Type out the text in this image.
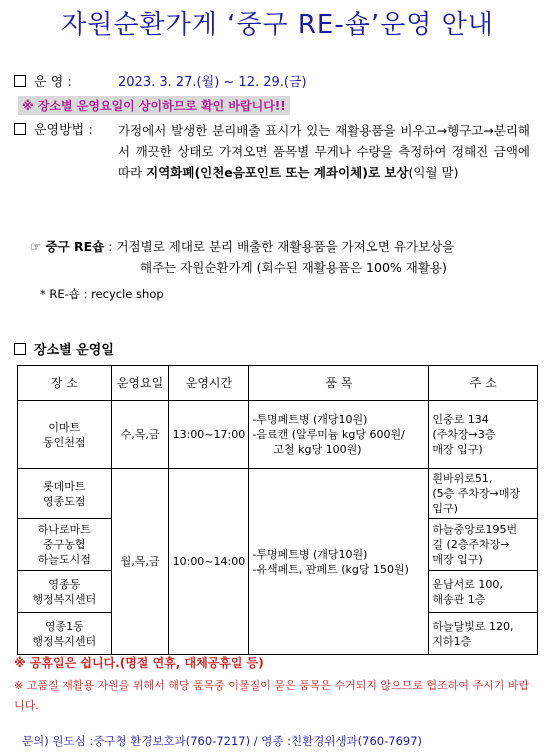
자원순환가게 ‘중구 RE-숍’운영 안내
운 영 :	2023. 3. 27.(월) ~ 12. 29.(금)
※ 장소별 운영요일이 상이하므로 확인 바랍니다!!
운영방법 : 가정에서 발생한 분리배출 표시가 있는 재활용품을 비우고→헹구고→분리해서 깨끗한 상태로 가져오면 품목별 무게나 수량을 측정하여 정해진 금액에 따라 지역화폐(인천e음포인트 또는 계좌이체)로 보상(익월 말)
☞ 중구 RE숍 : 거점별로 제대로 분리 배출한 재활용품을 가져오면 유가보상을
해주는 자원순환가게 (회수된 재활용품은 100% 재활용)
* RE-숍 : recycle shop
장소별 운영일
장 소	운영요일	운영시간	품 목	주 소
이마트
동인천점	수,목,금	13:00~17:00	-투명페트병 (개당10원)
-음료캔 (알루미늄 kg당 600원/
고철 kg당 100원)	인중로 134
(주차장→3층
매장 입구)
롯데마트
영종도점	월,목,금	10:00~14:00	-투명페트병 (개당10원)
-유색페트, 판페트 (kg당 150원)	흰바위로51,
(5층 주차장→매장
입구)
하나로마트
중구농협
하늘도시점				하늘중앙로195번
길 (2층주차장→
매장 입구)
영종동
행정복지센터				운남서로 100,
해송관 1층
영종1동
행정복지센터				하늘달빛로 120,
지하1층
※ 공휴일은 쉽니다.(명절 연휴, 대체공휴일 등)
※ 고품질 재활용 자원을 위해서 해당 품목중 이물질이 묻은 품목은 수거되지 않으므로 협조하여 주시기 바랍니다.
문의) 원도심 :중구청 환경보호과(760-7217) / 영종 :친환경위생과(760-7697)
